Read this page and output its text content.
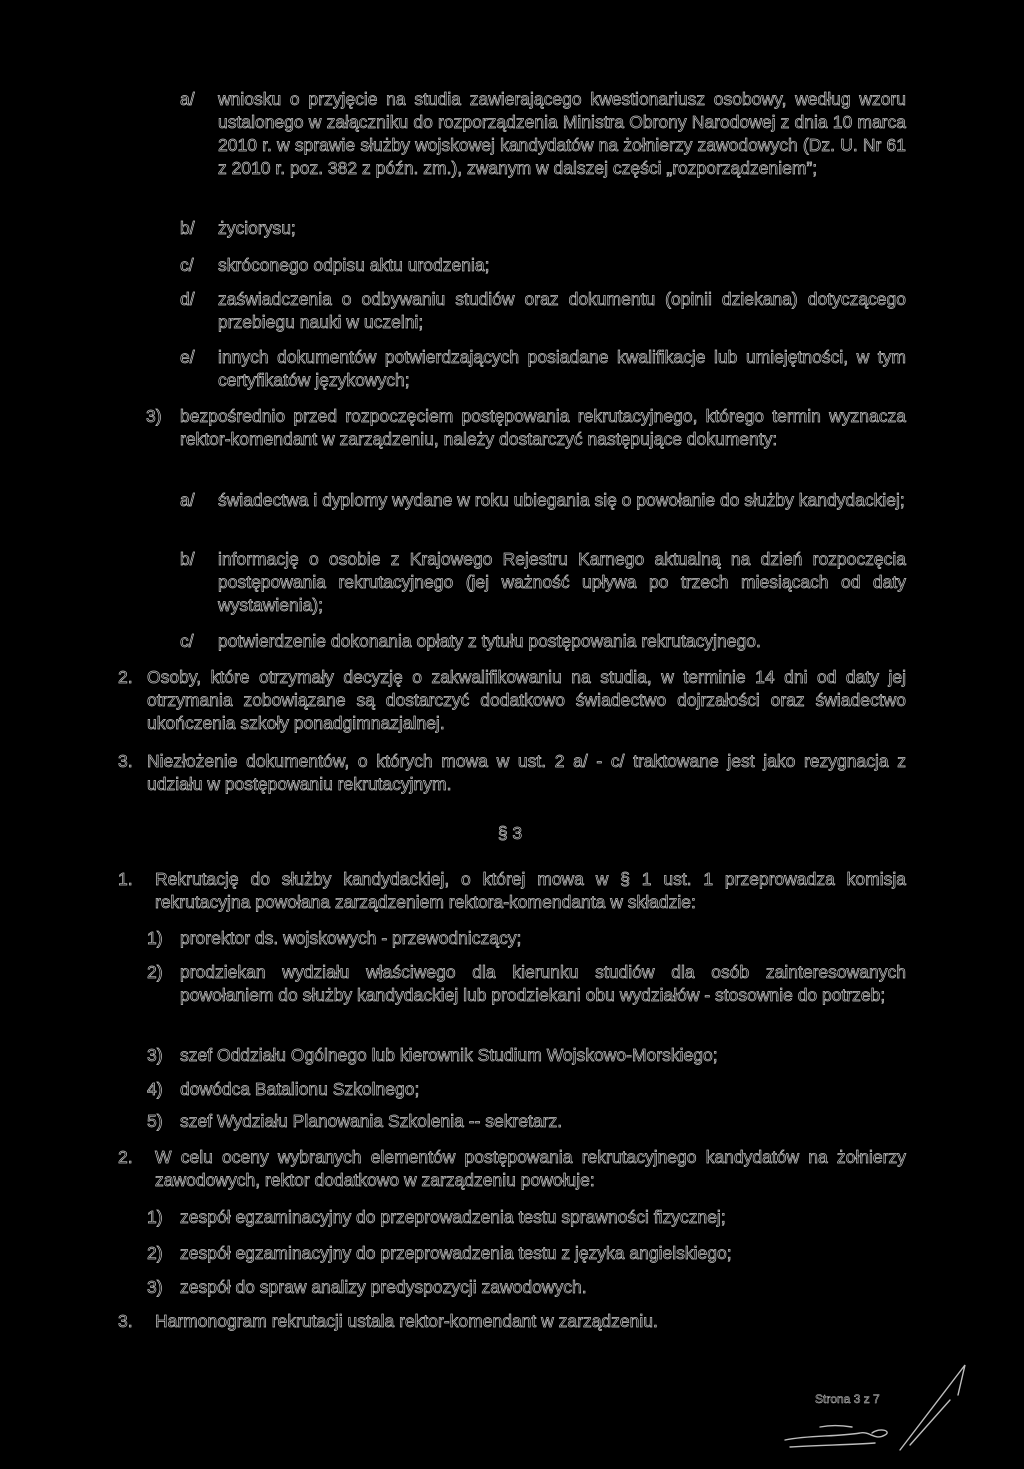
a/ wniosku o przyjęcie na studia zawierającego kwestionariusz osobowy, według wzoru ustalonego w załączniku do rozporządzenia Ministra Obrony Narodowej z dnia 10 marca 2010 r. w sprawie służby wojskowej kandydatów na żołnierzy zawodowych (Dz. U. Nr 61 z 2010 r. poz. 382 z późn. zm.), zwanym w dalszej części „rozporządzeniem”;
b/ życiorysu;
c/ skróconego odpisu aktu urodzenia;
d/ zaświadczenia o odbywaniu studiów oraz dokumentu (opinii dziekana) dotyczącego przebiegu nauki w uczelni;
e/ innych dokumentów potwierdzających posiadane kwalifikacje lub umiejętności, w tym certyfikatów językowych;
3) bezpośrednio przed rozpoczęciem postępowania rekrutacyjnego, którego termin wyznacza rektor-komendant w zarządzeniu, należy dostarczyć następujące dokumenty:
a/ świadectwa i dyplomy wydane w roku ubiegania się o powołanie do służby kandydackiej;
b/ informację o osobie z Krajowego Rejestru Karnego aktualną na dzień rozpoczęcia postępowania rekrutacyjnego (jej ważność upływa po trzech miesiącach od daty wystawienia);
c/ potwierdzenie dokonania opłaty z tytułu postępowania rekrutacyjnego.
2. Osoby, które otrzymały decyzję o zakwalifikowaniu na studia, w terminie 14 dni od daty jej otrzymania zobowiązane są dostarczyć dodatkowo świadectwo dojrzałości oraz świadectwo ukończenia szkoły ponadgimnazjalnej.
3. Niezłożenie dokumentów, o których mowa w ust. 2 a/ - c/ traktowane jest jako rezygnacja z udziału w postępowaniu rekrutacyjnym.
§ 3
1. Rekrutację do służby kandydackiej, o której mowa w § 1 ust. 1 przeprowadza komisja rekrutacyjna powołana zarządzeniem rektora-komendanta w składzie:
1) prorektor ds. wojskowych - przewodniczący;
2) prodziekan wydziału właściwego dla kierunku studiów dla osób zainteresowanych powołaniem do służby kandydackiej lub prodziekani obu wydziałów - stosownie do potrzeb;
3) szef Oddziału Ogólnego lub kierownik Studium Wojskowo-Morskiego;
4) dowódca Batalionu Szkolnego;
5) szef Wydziału Planowania Szkolenia -- sekretarz.
2. W celu oceny wybranych elementów postępowania rekrutacyjnego kandydatów na żołnierzy zawodowych, rektor dodatkowo w zarządzeniu powołuje:
1) zespół egzaminacyjny do przeprowadzenia testu sprawności fizycznej;
2) zespół egzaminacyjny do przeprowadzenia testu z języka angielskiego;
3) zespół do spraw analizy predyspozycji zawodowych.
3. Harmonogram rekrutacji ustala rektor-komendant w zarządzeniu.
Strona 3 z 7
